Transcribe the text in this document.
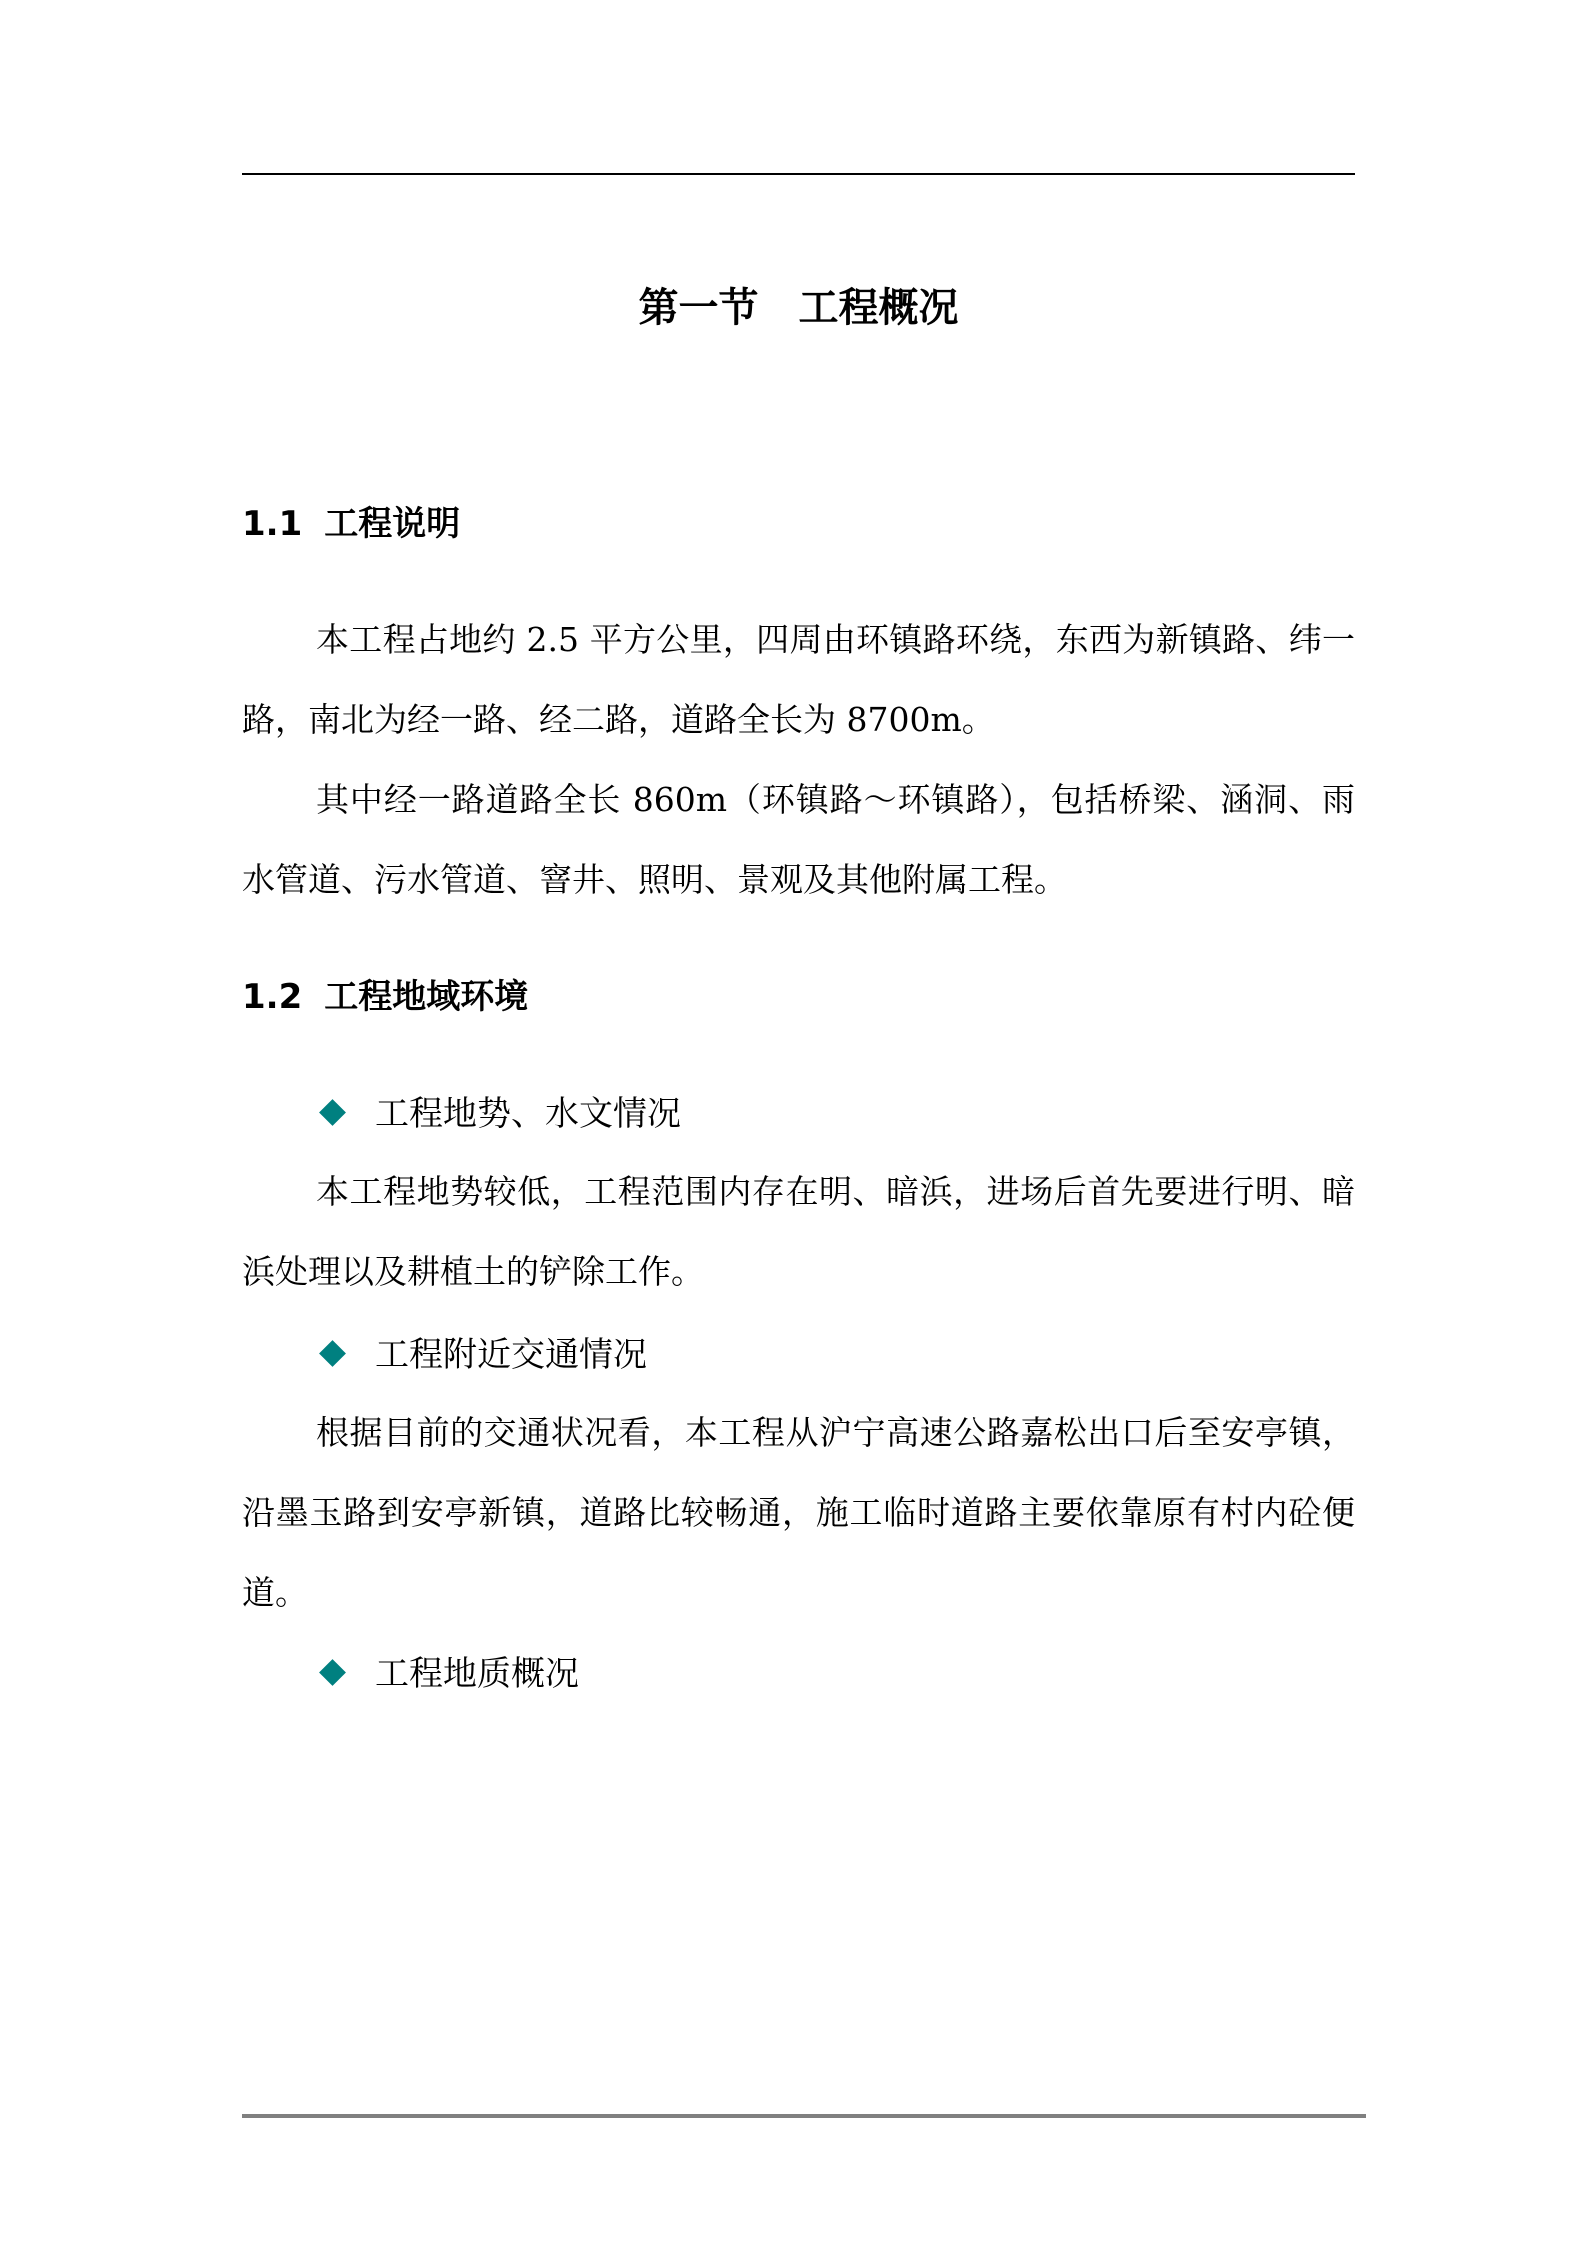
第一节　工程概况
1.1 工程说明

本工程占地约 2.5 平方公里，四周由环镇路环绕，东西为新镇路、纬一路，南北为经一路、经二路，道路全长为 8700m。

其中经一路道路全长 860m（环镇路～环镇路），包括桥梁、涵洞、雨水管道、污水管道、窨井、照明、景观及其他附属工程。

1.2 工程地域环境
工程地势、水文情况

本工程地势较低，工程范围内存在明、暗浜，进场后首先要进行明、暗浜处理以及耕植土的铲除工作。

工程附近交通情况

根据目前的交通状况看，本工程从沪宁高速公路嘉松出口后至安亭镇，沿墨玉路到安亭新镇，道路比较畅通，施工临时道路主要依靠原有村内砼便道。

工程地质概况
